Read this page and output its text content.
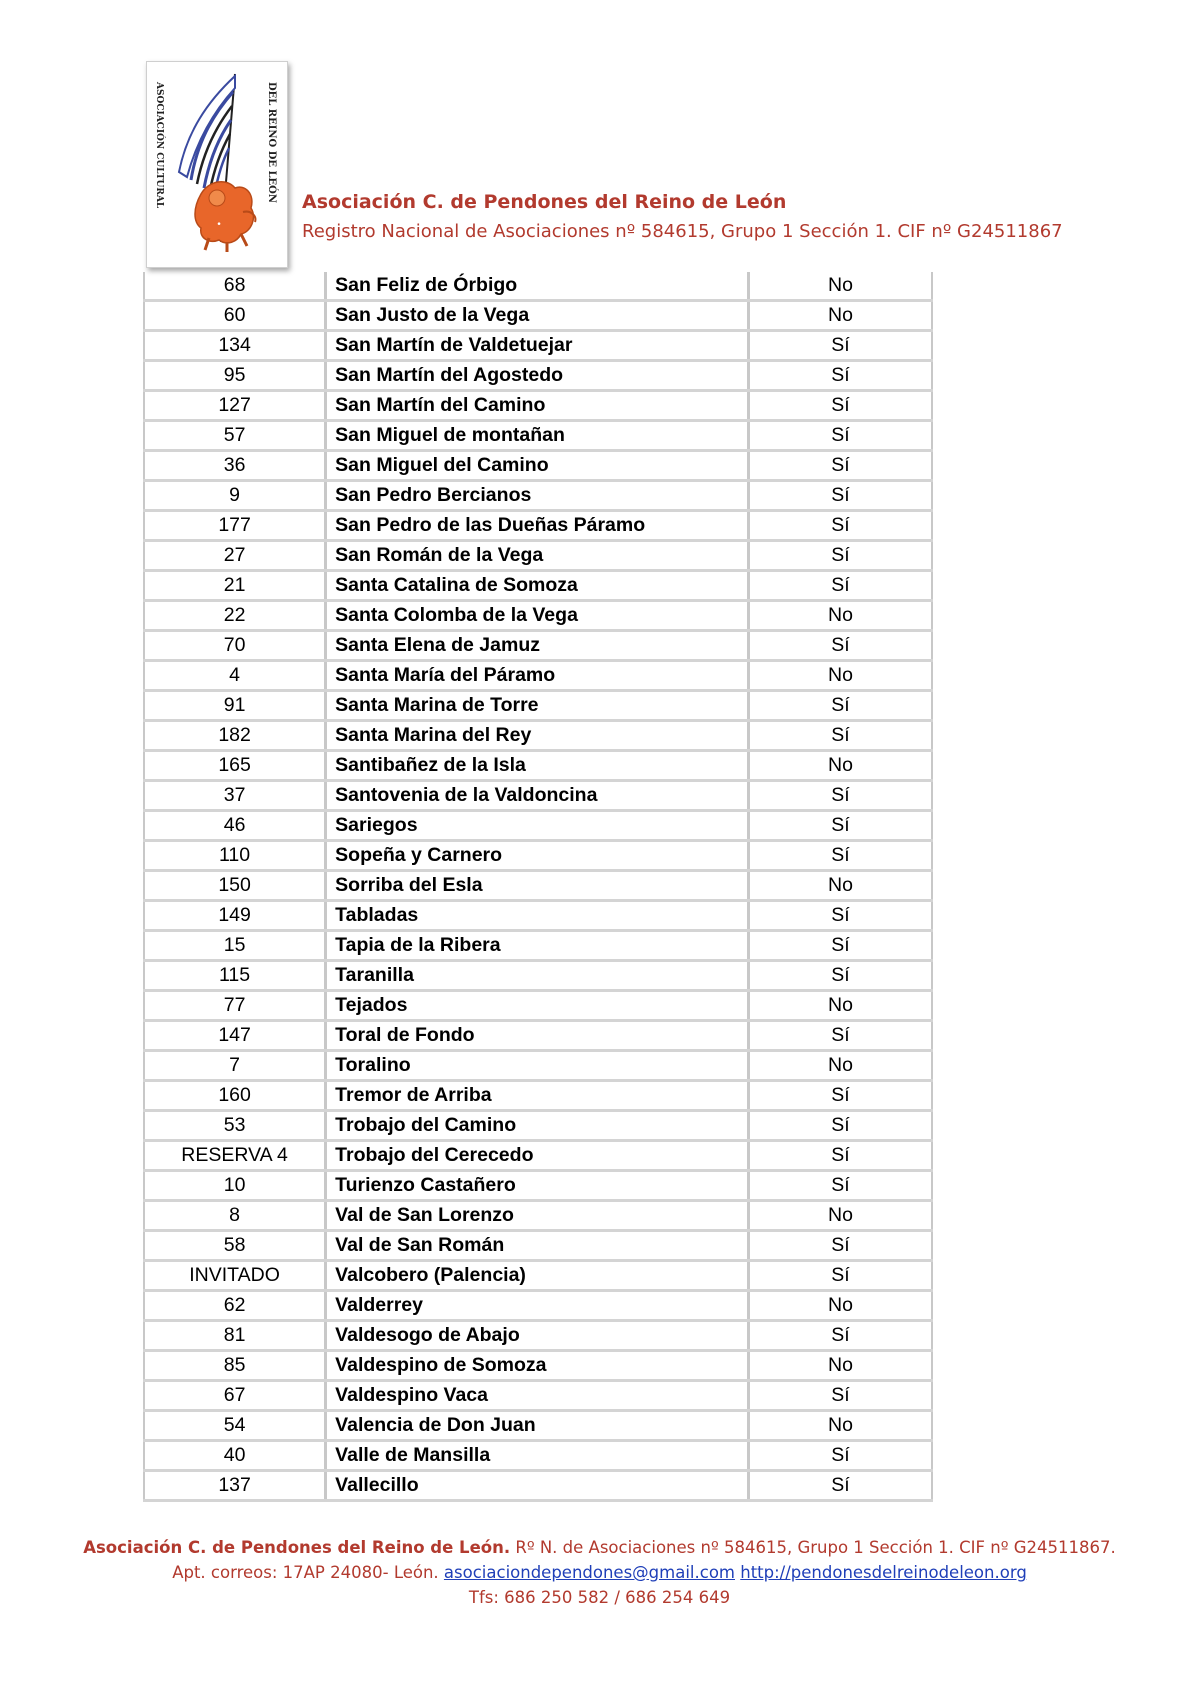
ASOCIACIÓN CULTURAL	DEL REINO DE LEÓN
•
Asociación C. de Pendones del Reino de León
Registro Nacional de Asociaciones nº 584615, Grupo 1 Sección 1. CIF nº G24511867
68	San Feliz de Órbigo	No
60	San Justo de la Vega	No
134	San Martín de Valdetuejar	Sí
95	San Martín del Agostedo	Sí
127	San Martín del Camino	Sí
57	San Miguel de montañan	Sí
36	San Miguel del Camino	Sí
9	San Pedro Bercianos	Sí
177	San Pedro de las Dueñas Páramo	Sí
27	San Román de la Vega	Sí
21	Santa Catalina de Somoza	Sí
22	Santa Colomba de la Vega	No
70	Santa Elena de Jamuz	Sí
4	Santa María del Páramo	No
91	Santa Marina de Torre	Sí
182	Santa Marina del Rey	Sí
165	Santibañez de la Isla	No
37	Santovenia de la Valdoncina	Sí
46	Sariegos	Sí
110	Sopeña y Carnero	Sí
150	Sorriba del Esla	No
149	Tabladas	Sí
15	Tapia de la Ribera	Sí
115	Taranilla	Sí
77	Tejados	No
147	Toral de Fondo	Sí
7	Toralino	No
160	Tremor de Arriba	Sí
53	Trobajo del Camino	Sí
RESERVA 4	Trobajo del Cerecedo	Sí
10	Turienzo Castañero	Sí
8	Val de San Lorenzo	No
58	Val de San Román	Sí
INVITADO	Valcobero (Palencia)	Sí
62	Valderrey	No
81	Valdesogo de Abajo	Sí
85	Valdespino de Somoza	No
67	Valdespino Vaca	Sí
54	Valencia de Don Juan	No
40	Valle de Mansilla	Sí
137	Vallecillo	Sí
Asociación C. de Pendones del Reino de León. Rº N. de Asociaciones nº 584615, Grupo 1 Sección 1. CIF nº G24511867.
Apt. correos: 17AP 24080- León. asociaciondependones@gmail.com http://pendonesdelreinodeleon.org
Tfs: 686 250 582 / 686 254 649
